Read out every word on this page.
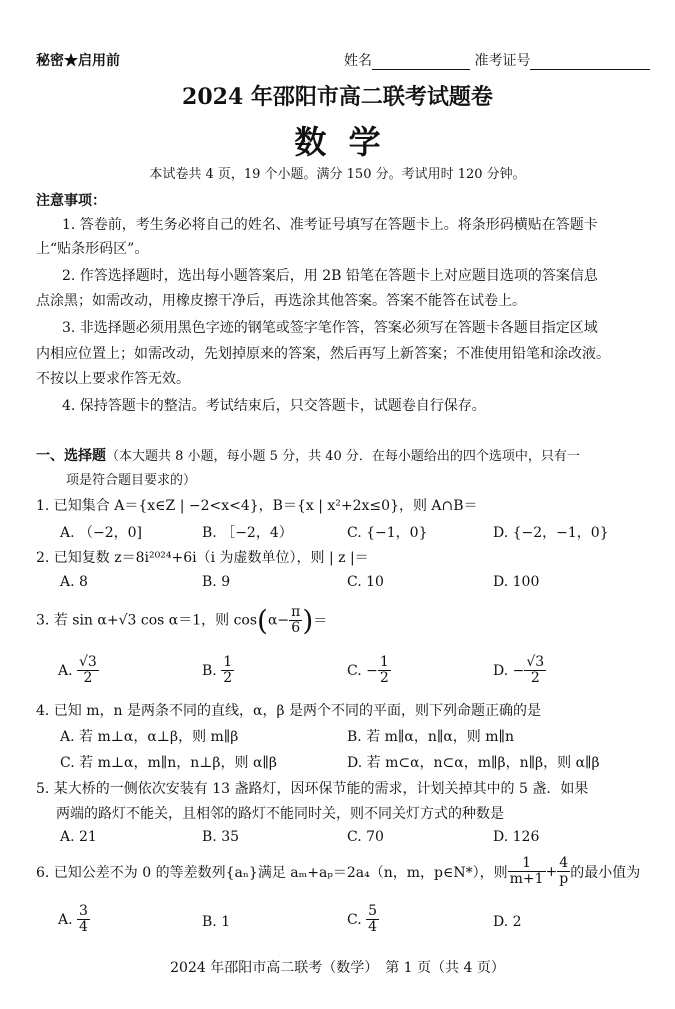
秘密★启用前	姓名	准考证号
2024 年邵阳市高二联考试题卷
数  学
本试卷共 4 页，19 个小题。满分 150 分。考试用时 120 分钟。
注意事项：
1. 答卷前，考生务必将自己的姓名、准考证号填写在答题卡上。将条形码横贴在答题卡
上“贴条形码区”。
2. 作答选择题时，选出每小题答案后，用 2B 铅笔在答题卡上对应题目选项的答案信息
点涂黑；如需改动，用橡皮擦干净后，再选涂其他答案。答案不能答在试卷上。
3. 非选择题必须用黑色字迹的钢笔或签字笔作答，答案必须写在答题卡各题目指定区域
内相应位置上；如需改动，先划掉原来的答案，然后再写上新答案；不准使用铅笔和涂改液。
不按以上要求作答无效。
4. 保持答题卡的整洁。考试结束后，只交答题卡，试题卷自行保存。
一、选择题（本大题共 8 小题，每小题 5 分，共 40 分．在每小题给出的四个选项中，只有一
项是符合题目要求的）
1. 已知集合 A＝{x∈Z | −2<x<4}，B＝{x | x²+2x≤0}，则 A∩B＝
A. （−2，0]	B. ［−2，4）	C. {−1，0}	D. {−2，−1，0}
2. 已知复数 z＝8i²⁰²⁴+6i（i 为虚数单位），则 | z |＝
A. 8	B. 9	C. 10	D. 100
3. 若 sin α+√3 cos α＝1，则 $\cos(\alpha- \frac{\pi}{6}$ )＝
A. $\frac{√3}{2}$	B. $\frac{1}{2}$	C. − $\frac{1}{2}$	D. − $\frac{√3}{2}$
4. 已知 m，n 是两条不同的直线，α，β 是两个不同的平面，则下列命题正确的是
A. 若 m⊥α，α⊥β，则 m∥β	B. 若 m∥α，n∥α，则 m∥n
C. 若 m⊥α，m∥n，n⊥β，则 α∥β	D. 若 m⊂α，n⊂α，m∥β，n∥β，则 α∥β
5. 某大桥的一侧依次安装有 13 盏路灯，因环保节能的需求，计划关掉其中的 5 盏．如果
两端的路灯不能关，且相邻的路灯不能同时关，则不同关灯方式的种数是
A. 21	B. 35	C. 70	D. 126
6. 已知公差不为 0 的等差数列{aₙ}满足 aₘ+aₚ＝2a₄（n，m，p∈N*），则 $\frac{1}{m+1} + \frac{4}{p}$ 的最小值为
A. $\frac{3}{4}$	B. 1	C. $\frac{5}{4}$	D. 2
2024 年邵阳市高二联考（数学）　第 1 页（共 4 页）
